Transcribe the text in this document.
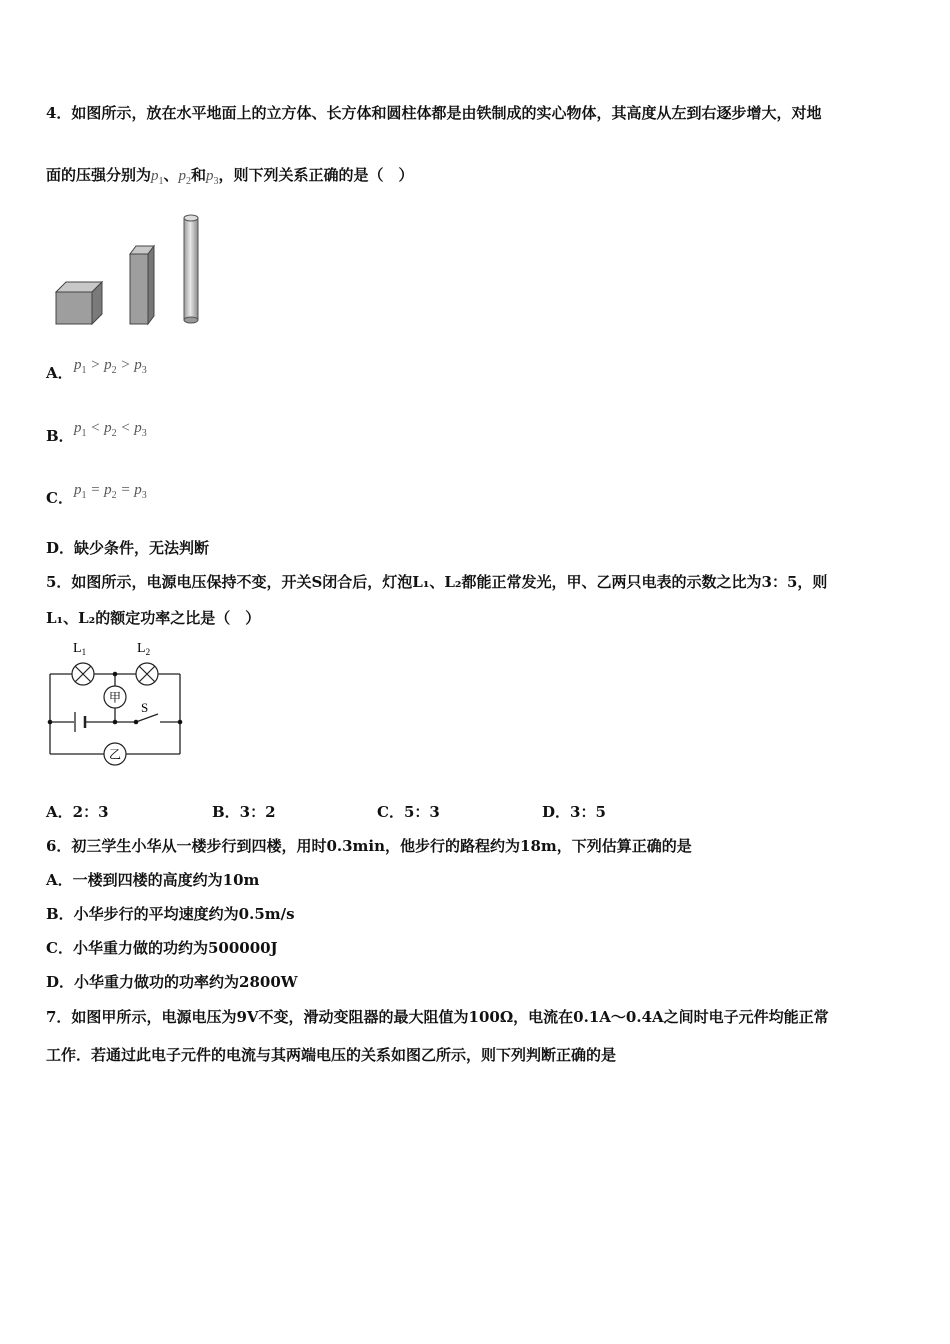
4．如图所示，放在水平地面上的立方体、长方体和圆柱体都是由铁制成的实心物体，其高度从左到右逐步增大，对地
面的压强分别为$p_1$、$p_2$和$p_3$，则下列关系正确的是（　）
A． $p_1 > p_2 > p_3$
B． $p_1 < p_2 < p_3$
C． $p_1 = p_2 = p_3$
D．缺少条件，无法判断
5．如图所示，电源电压保持不变，开关S闭合后，灯泡L₁、L₂都能正常发光，甲、乙两只电表的示数之比为3：5，则
L₁、L₂的额定功率之比是（　）
$L_1$	$L_2$
甲
乙
S
A．2：3	B．3：2	C．5：3	D．3：5
6．初三学生小华从一楼步行到四楼，用时0.3min，他步行的路程约为18m，下列估算正确的是
A．一楼到四楼的高度约为10m
B．小华步行的平均速度约为0.5m/s
C．小华重力做的功约为500000J
D．小华重力做功的功率约为2800W
7．如图甲所示，电源电压为9V不变，滑动变阻器的最大阻值为100Ω，电流在0.1A～0.4A之间时电子元件均能正常
工作．若通过此电子元件的电流与其两端电压的关系如图乙所示，则下列判断正确的是
